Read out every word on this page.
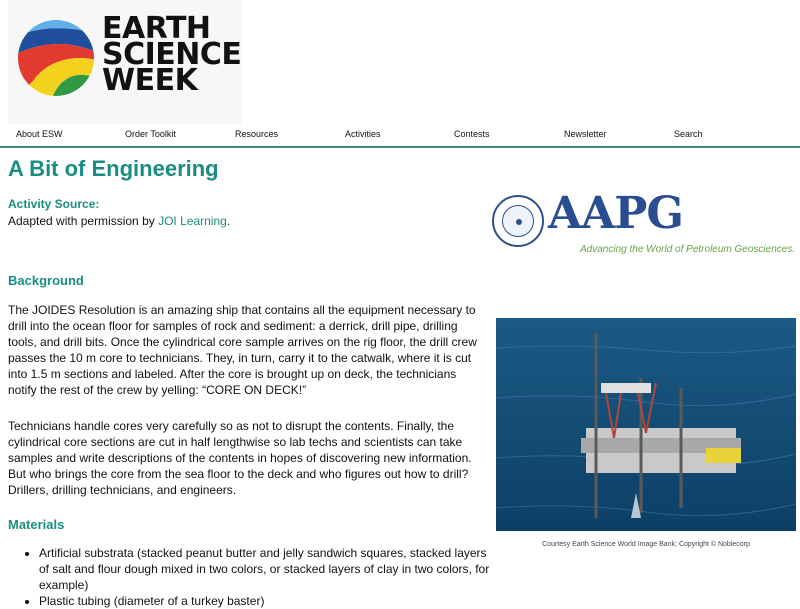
EARTH
SCIENCE
WEEK
About ESW	Order Toolkit	Resources	Activities	Contests	Newsletter	Search
A Bit of Engineering
Activity Source:
Adapted with permission by JOI Learning.	AAPG
Advancing the World of Petroleum Geosciences.
Background
The JOIDES Resolution is an amazing ship that contains all the equipment necessary to drill into the ocean floor for samples of rock and sediment: a derrick, drill pipe, drilling tools, and drill bits. Once the cylindrical core sample arrives on the rig floor, the drill crew passes the 10 m core to technicians. They, in turn, carry it to the catwalk, where it is cut into 1.5 m sections and labeled. After the core is brought up on deck, the technicians notify the rest of the crew by yelling: “CORE ON DECK!”
Technicians handle cores very carefully so as not to disrupt the contents. Finally, the cylindrical core sections are cut in half lengthwise so lab techs and scientists can take samples and write descriptions of the contents in hopes of discovering new information. But who brings the core from the sea floor to the deck and who figures out how to drill? Drillers, drilling technicians, and engineers.
Courtesy Earth Science World Image Bank; Copyright © Noblecorp
Materials
• Artificial substrata (stacked peanut butter and jelly sandwich squares, stacked layers of salt and flour dough mixed in two colors, or stacked layers of clay in two colors, for example)
• Plastic tubing (diameter of a turkey baster)
